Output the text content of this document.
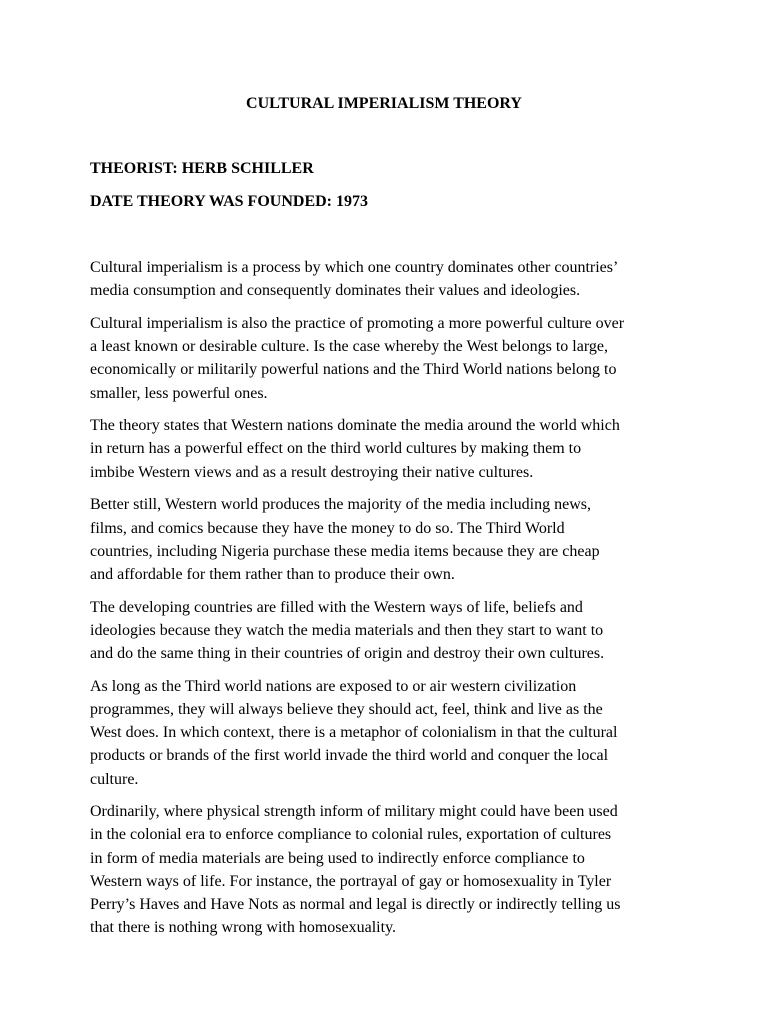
CULTURAL IMPERIALISM THEORY

THEORIST: HERB SCHILLER

DATE THEORY WAS FOUNDED: 1973

Cultural imperialism is a process by which one country dominates other countries’
media consumption and consequently dominates their values and ideologies.

Cultural imperialism is also the practice of promoting a more powerful culture over
a least known or desirable culture. Is the case whereby the West belongs to large,
economically or militarily powerful nations and the Third World nations belong to
smaller, less powerful ones.

The theory states that Western nations dominate the media around the world which
in return has a powerful effect on the third world cultures by making them to
imbibe Western views and as a result destroying their native cultures.

Better still, Western world produces the majority of the media including news,
films, and comics because they have the money to do so. The Third World
countries, including Nigeria purchase these media items because they are cheap
and affordable for them rather than to produce their own.

The developing countries are filled with the Western ways of life, beliefs and
ideologies because they watch the media materials and then they start to want to
and do the same thing in their countries of origin and destroy their own cultures.

As long as the Third world nations are exposed to or air western civilization
programmes, they will always believe they should act, feel, think and live as the
West does. In which context, there is a metaphor of colonialism in that the cultural
products or brands of the first world invade the third world and conquer the local
culture.

Ordinarily, where physical strength inform of military might could have been used
in the colonial era to enforce compliance to colonial rules, exportation of cultures
in form of media materials are being used to indirectly enforce compliance to
Western ways of life. For instance, the portrayal of gay or homosexuality in Tyler
Perry’s Haves and Have Nots as normal and legal is directly or indirectly telling us
that there is nothing wrong with homosexuality.
